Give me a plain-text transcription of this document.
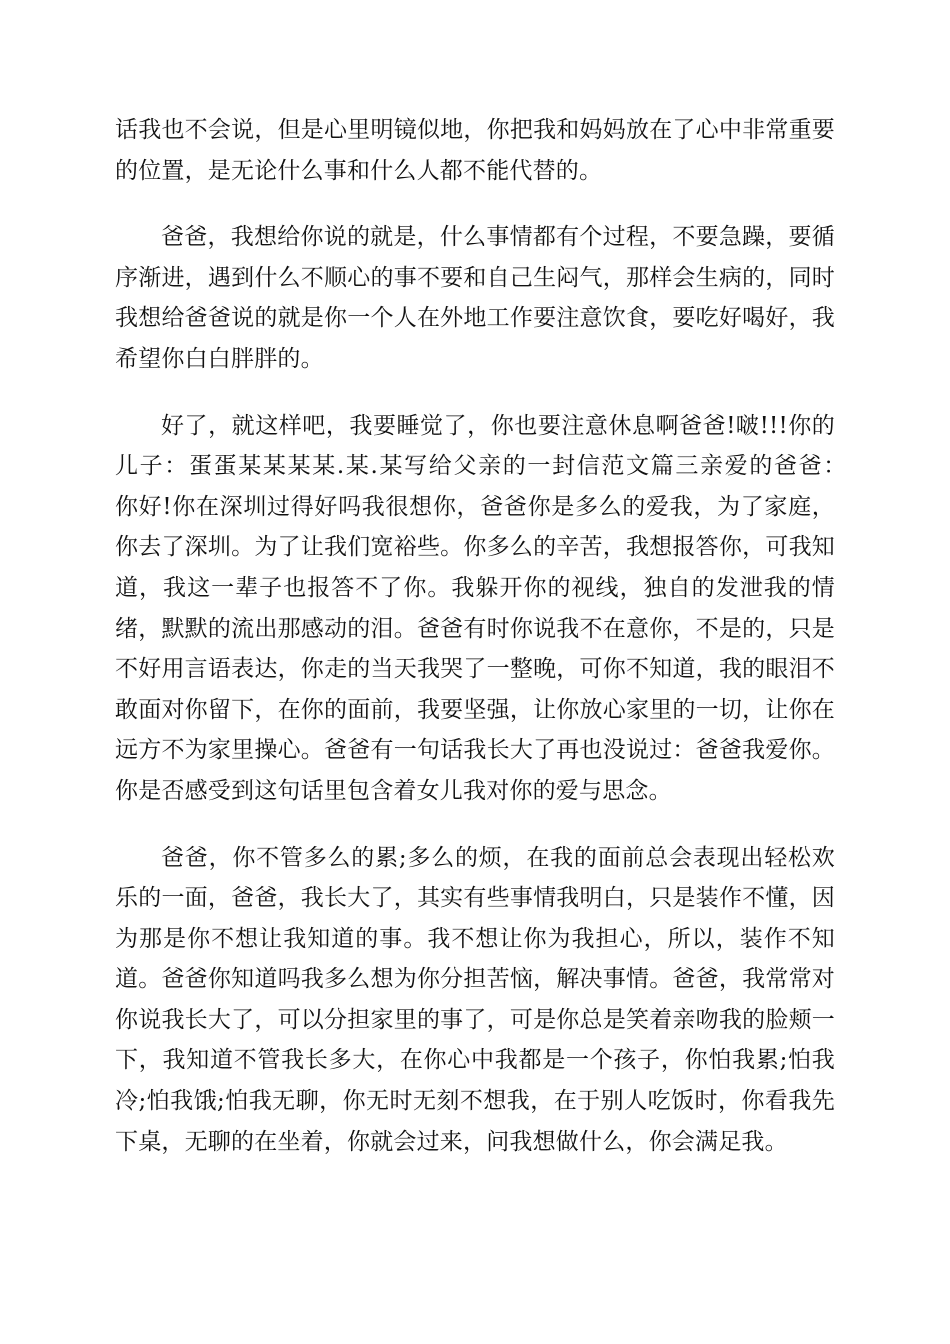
话我也不会说，但是心里明镜似地，你把我和妈妈放在了心中非常重要的位置，是无论什么事和什么人都不能代替的。

爸爸，我想给你说的就是，什么事情都有个过程，不要急躁，要循序渐进，遇到什么不顺心的事不要和自己生闷气，那样会生病的，同时我想给爸爸说的就是你一个人在外地工作要注意饮食，要吃好喝好，我希望你白白胖胖的。

好了，就这样吧，我要睡觉了，你也要注意休息啊爸爸!啵!!!你的儿子：蛋蛋某某某某.某.某写给父亲的一封信范文篇三亲爱的爸爸：　　你好!你在深圳过得好吗我很想你，爸爸你是多么的爱我，为了家庭，你去了深圳。为了让我们宽裕些。你多么的辛苦，我想报答你，可我知道，我这一辈子也报答不了你。我躲开你的视线，独自的发泄我的情绪，默默的流出那感动的泪。爸爸有时你说我不在意你，不是的，只是不好用言语表达，你走的当天我哭了一整晚，可你不知道，我的眼泪不敢面对你留下，在你的面前，我要坚强，让你放心家里的一切，让你在远方不为家里操心。爸爸有一句话我长大了再也没说过：爸爸我爱你。你是否感受到这句话里包含着女儿我对你的爱与思念。

爸爸，你不管多么的累;多么的烦，在我的面前总会表现出轻松欢乐的一面，爸爸，我长大了，其实有些事情我明白，只是装作不懂，因为那是你不想让我知道的事。我不想让你为我担心，所以，装作不知道。爸爸你知道吗我多么想为你分担苦恼，解决事情。爸爸，我常常对你说我长大了，可以分担家里的事了，可是你总是笑着亲吻我的脸颊一下，我知道不管我长多大，在你心中我都是一个孩子，你怕我累;怕我冷;怕我饿;怕我无聊，你无时无刻不想我，在于别人吃饭时，你看我先下桌，无聊的在坐着，你就会过来，问我想做什么，你会满足我。
